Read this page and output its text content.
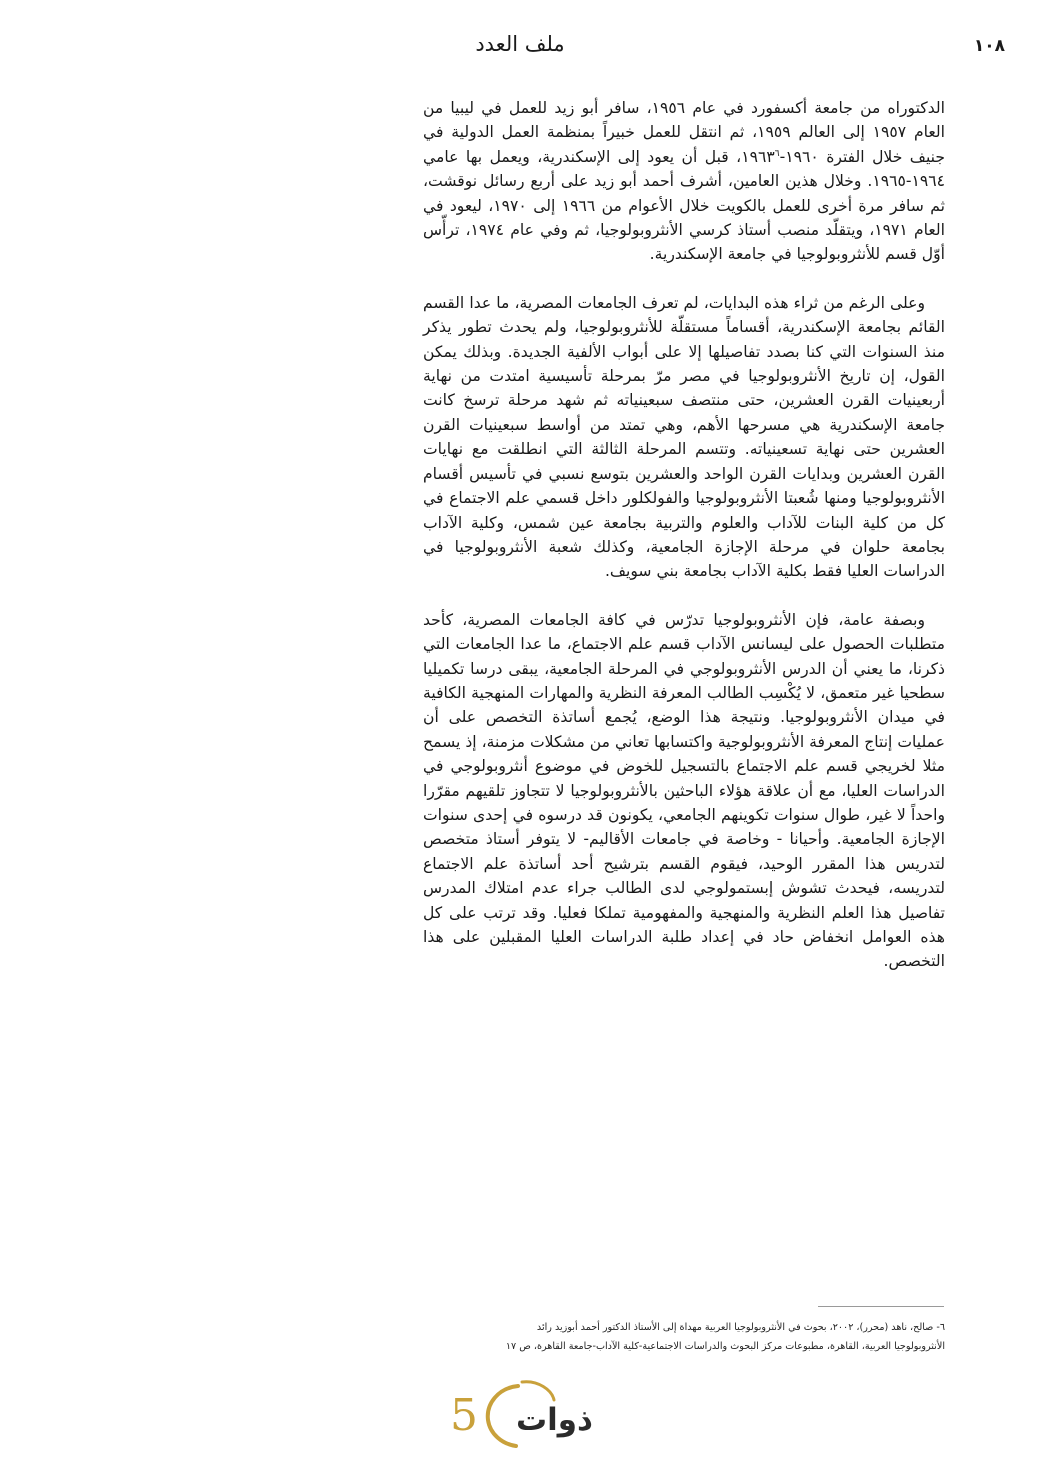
١٠٨
ملف العدد

الدكتوراه من جامعة أكسفورد في عام ١٩٥٦، سافر أبو زيد للعمل في ليبيا من العام ١٩٥٧ إلى العالم ١٩٥٩، ثم انتقل للعمل خبيراً بمنظمة العمل الدولية في جنيف خلال الفترة ١٩٦٠-١٩٦٣$^٦$، قبل أن يعود إلى الإسكندرية، ويعمل بها عامي ١٩٦٤-١٩٦٥. وخلال هذين العامين، أشرف أحمد أبو زيد على أربع رسائل نوقشت، ثم سافر مرة أخرى للعمل بالكويت خلال الأعوام من ١٩٦٦ إلى ١٩٧٠، ليعود في العام ١٩٧١، ويتقلّد منصب أستاذ كرسي الأنثروبولوجيا، ثم وفي عام ١٩٧٤، ترأّس أوّل قسم للأنثروبولوجيا في جامعة الإسكندرية.

وعلى الرغم من ثراء هذه البدايات، لم تعرف الجامعات المصرية، ما عدا القسم القائم بجامعة الإسكندرية، أقساماً مستقلّة للأنثروبولوجيا، ولم يحدث تطور يذكر منذ السنوات التي كنا بصدد تفاصيلها إلا على أبواب الألفية الجديدة. وبذلك يمكن القول، إن تاريخ الأنثروبولوجيا في مصر مرّ بمرحلة تأسيسية امتدت من نهاية أربعينيات القرن العشرين، حتى منتصف سبعينياته ثم شهد مرحلة ترسخ كانت جامعة الإسكندرية هي مسرحها الأهم، وهي تمتد من أواسط سبعينيات القرن العشرين حتى نهاية تسعينياته. وتتسم المرحلة الثالثة التي انطلقت مع نهايات القرن العشرين وبدايات القرن الواحد والعشرين بتوسع نسبي في تأسيس أقسام الأنثروبولوجيا ومنها شُعبتا الأنثروبولوجيا والفولكلور داخل قسمي علم الاجتماع في كل من كلية البنات للآداب والعلوم والتربية بجامعة عين شمس، وكلية الآداب بجامعة حلوان في مرحلة الإجازة الجامعية، وكذلك شعبة الأنثروبولوجيا في الدراسات العليا فقط بكلية الآداب بجامعة بني سويف.

وبصفة عامة، فإن الأنثروبولوجيا تدرّس في كافة الجامعات المصرية، كأحد متطلبات الحصول على ليسانس الآداب قسم علم الاجتماع، ما عدا الجامعات التي ذكرنا، ما يعني أن الدرس الأنثروبولوجي في المرحلة الجامعية، يبقى درسا تكميليا سطحيا غير متعمق، لا يُكْسِب الطالب المعرفة النظرية والمهارات المنهجية الكافية في ميدان الأنثروبولوجيا. ونتيجة هذا الوضع، يُجمع أساتذة التخصص على أن عمليات إنتاج المعرفة الأنثروبولوجية واكتسابها تعاني من مشكلات مزمنة، إذ يسمح مثلا لخريجي قسم علم الاجتماع بالتسجيل للخوض في موضوع أنثروبولوجي في الدراسات العليا، مع أن علاقة هؤلاء الباحثين بالأنثروبولوجيا لا تتجاوز تلقيهم مقرّرا واحداً لا غير، طوال سنوات تكوينهم الجامعي، يكونون قد درسوه في إحدى سنوات الإجازة الجامعية. وأحيانا - وخاصة في جامعات الأقاليم- لا يتوفر أستاذ متخصص لتدريس هذا المقرر الوحيد، فيقوم القسم بترشيح أحد أساتذة علم الاجتماع لتدريسه، فيحدث تشوش إبستمولوجي لدى الطالب جراء عدم امتلاك المدرس تفاصيل هذا العلم النظرية والمنهجية والمفهومية تملكا فعليا. وقد ترتب على كل هذه العوامل انخفاض حاد في إعداد طلبة الدراسات العليا المقبلين على هذا التخصص.

٦- صالح، ناهد (محرر)، ٢٠٠٢، بحوث في الأنثروبولوجيا العربية مهداة إلى الأستاذ الدكتور أحمد أبوزيد رائد

الأنثروبولوجيا العربية، القاهرة، مطبوعات مركز البحوث والدراسات الاجتماعية-كلية الآداب-جامعة القاهرة، ص ١٧

5 ذوات
